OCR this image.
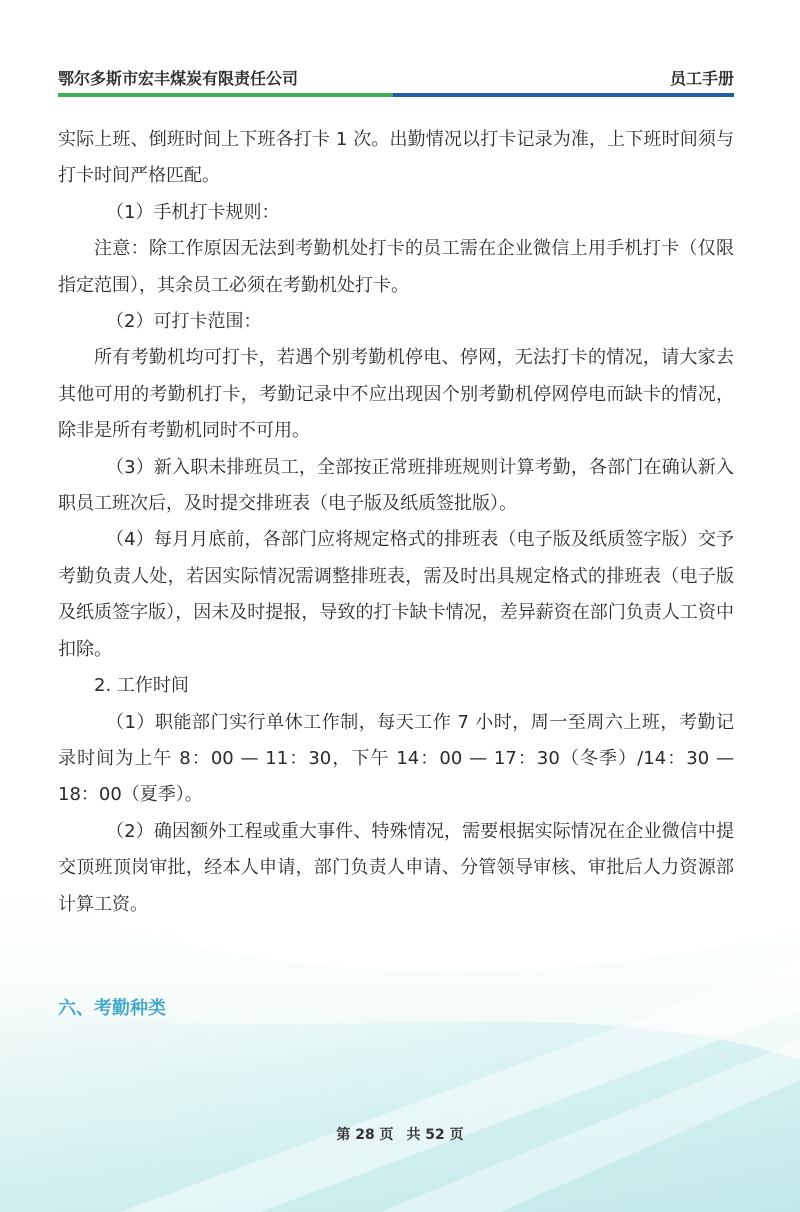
鄂尔多斯市宏丰煤炭有限责任公司	员工手册

实际上班、倒班时间上下班各打卡 1 次。出勤情况以打卡记录为准，上下班时间须与打卡时间严格匹配。

（1）手机打卡规则：

注意：除工作原因无法到考勤机处打卡的员工需在企业微信上用手机打卡（仅限指定范围），其余员工必须在考勤机处打卡。

（2）可打卡范围：

所有考勤机均可打卡，若遇个别考勤机停电、停网，无法打卡的情况，请大家去其他可用的考勤机打卡，考勤记录中不应出现因个别考勤机停网停电而缺卡的情况，除非是所有考勤机同时不可用。

（3）新入职未排班员工，全部按正常班排班规则计算考勤，各部门在确认新入职员工班次后，及时提交排班表（电子版及纸质签批版）。

（4）每月月底前，各部门应将规定格式的排班表（电子版及纸质签字版）交予考勤负责人处，若因实际情况需调整排班表，需及时出具规定格式的排班表（电子版及纸质签字版），因未及时提报，导致的打卡缺卡情况，差异薪资在部门负责人工资中扣除。

2. 工作时间

（1）职能部门实行单休工作制，每天工作 7 小时，周一至周六上班，考勤记录时间为上午 8：00 — 11：30，下午 14：00 — 17：30（冬季）/14：30 — 18：00（夏季）。

（2）确因额外工程或重大事件、特殊情况，需要根据实际情况在企业微信中提交顶班顶岗审批，经本人申请，部门负责人申请、分管领导审核、审批后人力资源部计算工资。

六、考勤种类
第 28 页 共 52 页
